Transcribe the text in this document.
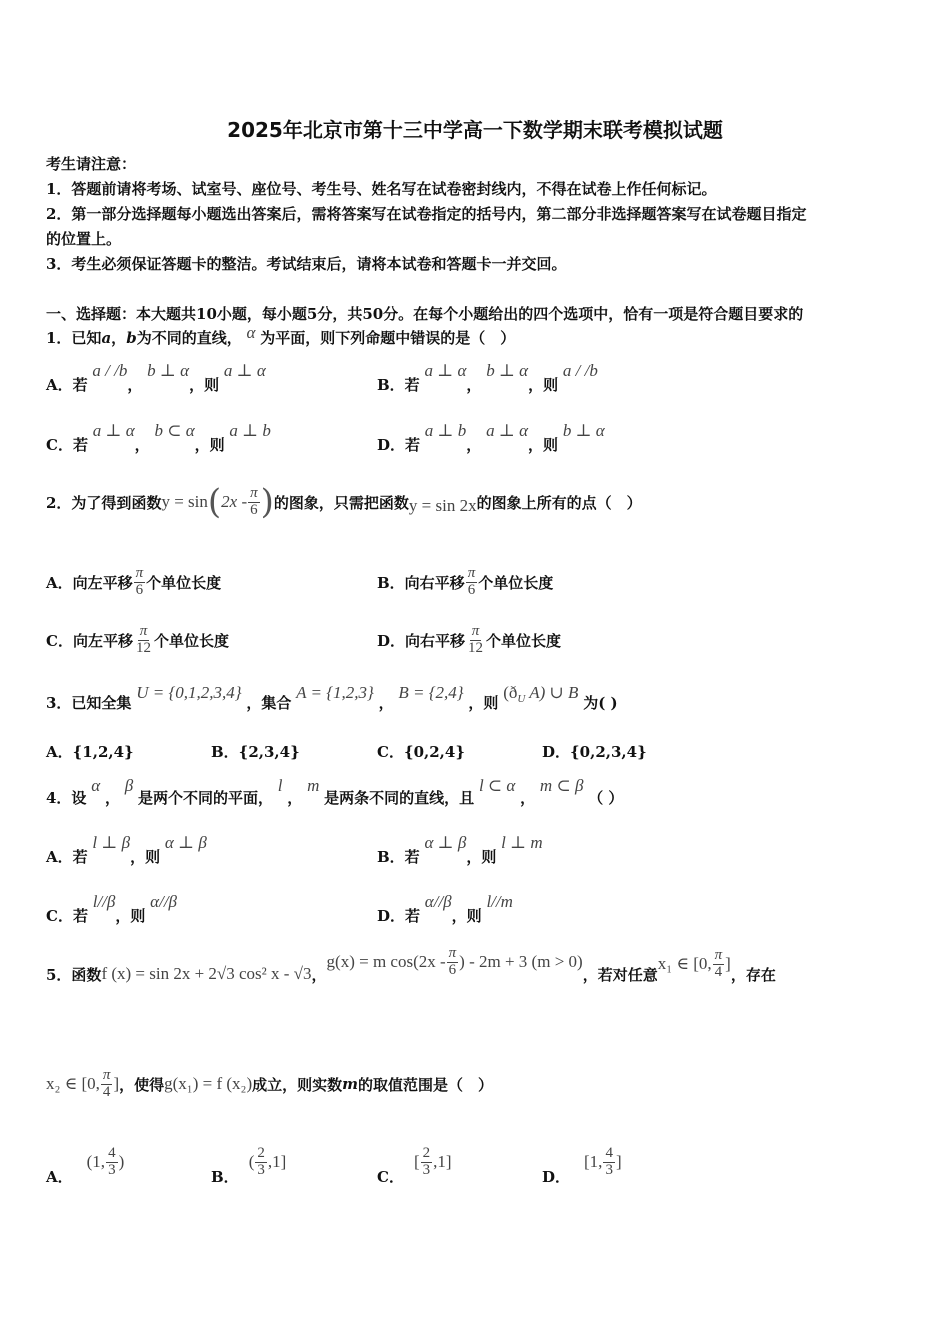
2025年北京市第十三中学高一下数学期末联考模拟试题
考生请注意：
1．答题前请将考场、试室号、座位号、考生号、姓名写在试卷密封线内，不得在试卷上作任何标记。
2．第一部分选择题每小题选出答案后，需将答案写在试卷指定的括号内，第二部分非选择题答案写在试卷题目指定
的位置上。
3．考生必须保证答题卡的整洁。考试结束后，请将本试卷和答题卡一并交回。
一、选择题：本大题共10小题，每小题5分，共50分。在每个小题给出的四个选项中，恰有一项是符合题目要求的
1．已知a，b为不同的直线， α 为平面，则下列命题中错误的是（　）
A．若 a / /b， b ⊥ α，则 a ⊥ α
B．若 a ⊥ α， b ⊥ α，则 a / /b
C．若 a ⊥ α， b ⊂ α，则 a ⊥ b
D．若 a ⊥ b， a ⊥ α，则 b ⊥ α
2．为了得到函数 y = sin ( $2x - \frac{\pi}{6}$ ) 的图象，只需把函数 y = sin 2x 的图象上所有的点（　）
A．向左平移 $\frac{\pi}{6}$ 个单位长度	B．向右平移 $\frac{\pi}{6}$ 个单位长度
C．向左平移 $\frac{\pi}{12}$ 个单位长度	D．向右平移 $\frac{\pi}{12}$ 个单位长度
3．已知全集 U = {0,1,2,3,4} ，集合 A = {1,2,3} ， B = {2,4} ，则 ($ð_U$ A) ∪ B 为( )
A．{1,2,4}	B．{2,3,4}	C．{0,2,4}	D．{0,2,3,4}
4．设 α ， β 是两个不同的平面， l ， m 是两条不同的直线，且 l ⊂ α ， m ⊂ β （ ）
A．若 l ⊥ β，则 α ⊥ β
B．若 α ⊥ β，则 l ⊥ m
C．若 l//β，则 α//β
D．若 α//β，则 l//m
5．函数 f (x) = sin 2x + 2√3 cos² x - √3 ，
g(x) = m $\cos(2x - \frac{\pi}{6}$ ) - 2m + 3 (m > 0)
，若对任意
x₁ ∈ [0, $\frac{\pi}{4}$ ]
，存在
x₂ ∈ [0, $\frac{\pi}{4}$ ] ，使得 g(x₁) = f (x₂) 成立，则实数 m 的取值范围是（　）
A．
(1, $\frac{4}{3}$ )
B．
( $\frac{2}{3} ,1$]
C．
[ $\frac{2}{3} ,1$]
D．
[1, $\frac{4}{3}$ ]
